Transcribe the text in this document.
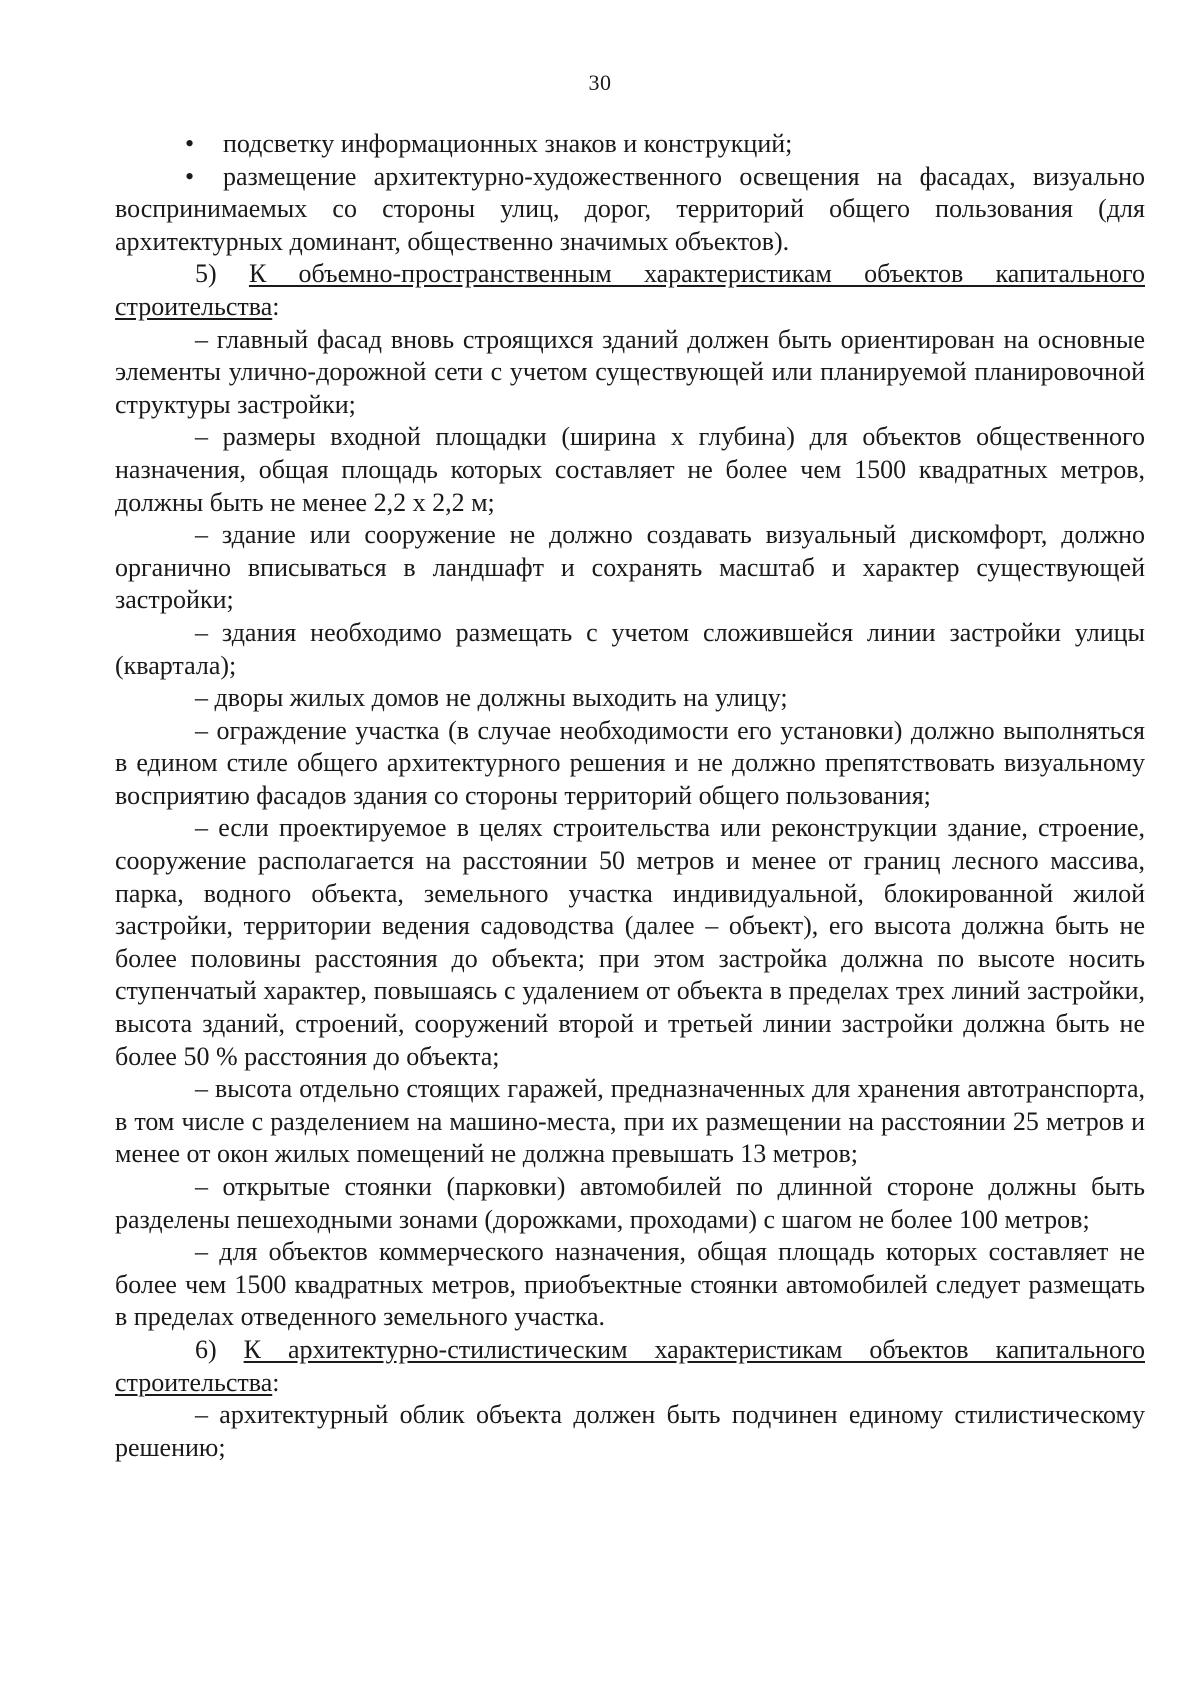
30

• подсветку информационных знаков и конструкций;

• размещение архитектурно-художественного освещения на фасадах, визуально воспринимаемых со стороны улиц, дорог, территорий общего пользования (для архитектурных доминант, общественно значимых объектов).

5) К объемно-пространственным характеристикам объектов капитального строительства:

– главный фасад вновь строящихся зданий должен быть ориентирован на основные элементы улично-дорожной сети с учетом существующей или планируемой планировочной структуры застройки;

– размеры входной площадки (ширина х глубина) для объектов общественного назначения, общая площадь которых составляет не более чем 1500 квадратных метров, должны быть не менее 2,2 х 2,2 м;

– здание или сооружение не должно создавать визуальный дискомфорт, должно органично вписываться в ландшафт и сохранять масштаб и характер существующей застройки;

– здания необходимо размещать с учетом сложившейся линии застройки улицы (квартала);

– дворы жилых домов не должны выходить на улицу;

– ограждение участка (в случае необходимости его установки) должно выполняться в едином стиле общего архитектурного решения и не должно препятствовать визуальному восприятию фасадов здания со стороны территорий общего пользования;

– если проектируемое в целях строительства или реконструкции здание, строение, сооружение располагается на расстоянии 50 метров и менее от границ лесного массива, парка, водного объекта, земельного участка индивидуальной, блокированной жилой застройки, территории ведения садоводства (далее – объект), его высота должна быть не более половины расстояния до объекта; при этом застройка должна по высоте носить ступенчатый характер, повышаясь с удалением от объекта в пределах трех линий застройки, высота зданий, строений, сооружений второй и третьей линии застройки должна быть не более 50 % расстояния до объекта;

– высота отдельно стоящих гаражей, предназначенных для хранения автотранспорта, в том числе с разделением на машино-места, при их размещении на расстоянии 25 метров и менее от окон жилых помещений не должна превышать 13 метров;

– открытые стоянки (парковки) автомобилей по длинной стороне должны быть разделены пешеходными зонами (дорожками, проходами) с шагом не более 100 метров;

– для объектов коммерческого назначения, общая площадь которых составляет не более чем 1500 квадратных метров, приобъектные стоянки автомобилей следует размещать в пределах отведенного земельного участка.

6) К архитектурно-стилистическим характеристикам объектов капитального строительства:

– архитектурный облик объекта должен быть подчинен единому стилистическому решению;
